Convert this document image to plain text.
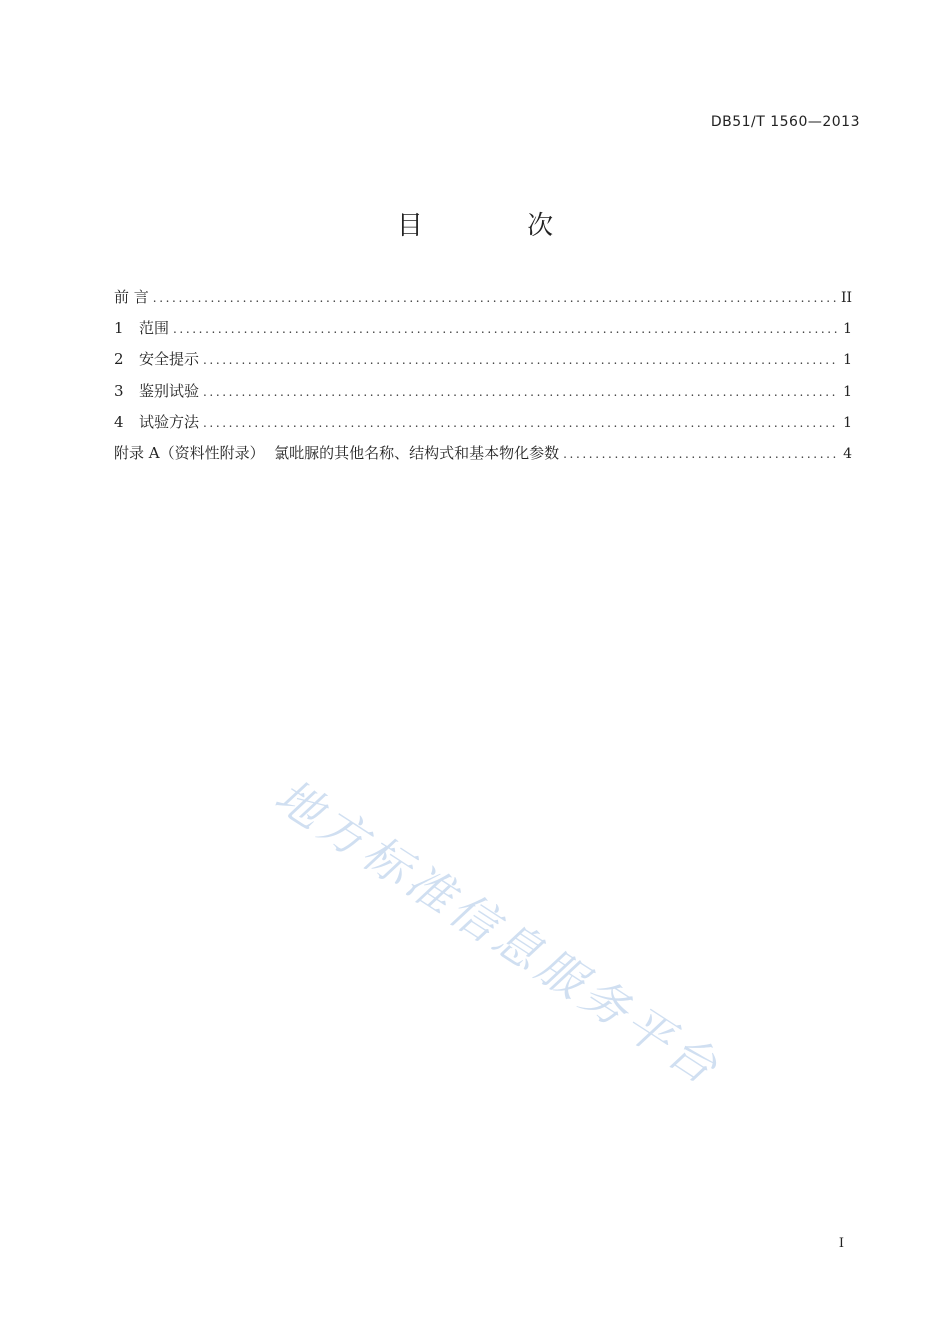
DB51/T 1560—2013
目 次
前 言 .....	II
1	范围 .....	1
2	安全提示 .....	1
3	鉴别试验 .....	1
4	试验方法 .....	1
附录 A（资料性附录）  氯吡脲的其他名称、结构式和基本物化参数 .....	4
地方标准信息服务平台
I
